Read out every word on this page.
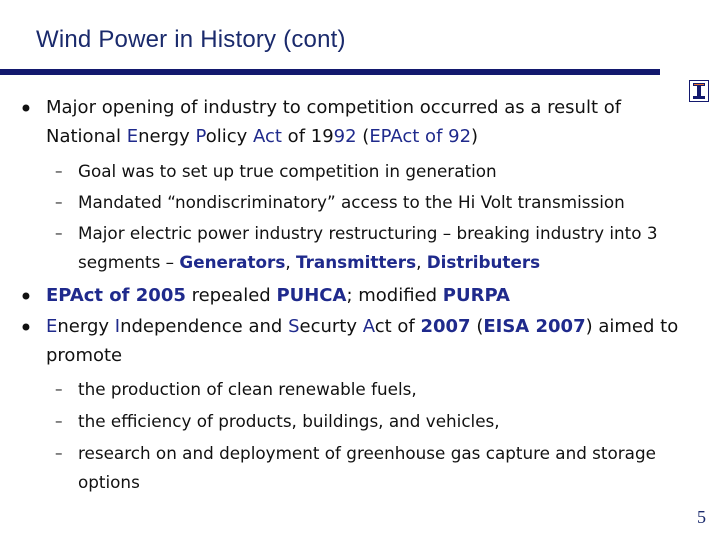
Wind Power in History (cont)
• Major opening of industry to competition occurred as a result of National Energy Policy Act of 1992 (EPAct of 92)
– Goal was to set up true competition in generation
– Mandated “nondiscriminatory” access to the Hi Volt transmission
– Major electric power industry restructuring – breaking industry into 3 segments – Generators, Transmitters, Distributers
• EPAct of 2005 repealed PUHCA; modified PURPA
• Energy Independence and Securty Act of 2007 (EISA 2007) aimed to promote
– the production of clean renewable fuels,
– the efficiency of products, buildings, and vehicles,
– research on and deployment of greenhouse gas capture and storage options
5
